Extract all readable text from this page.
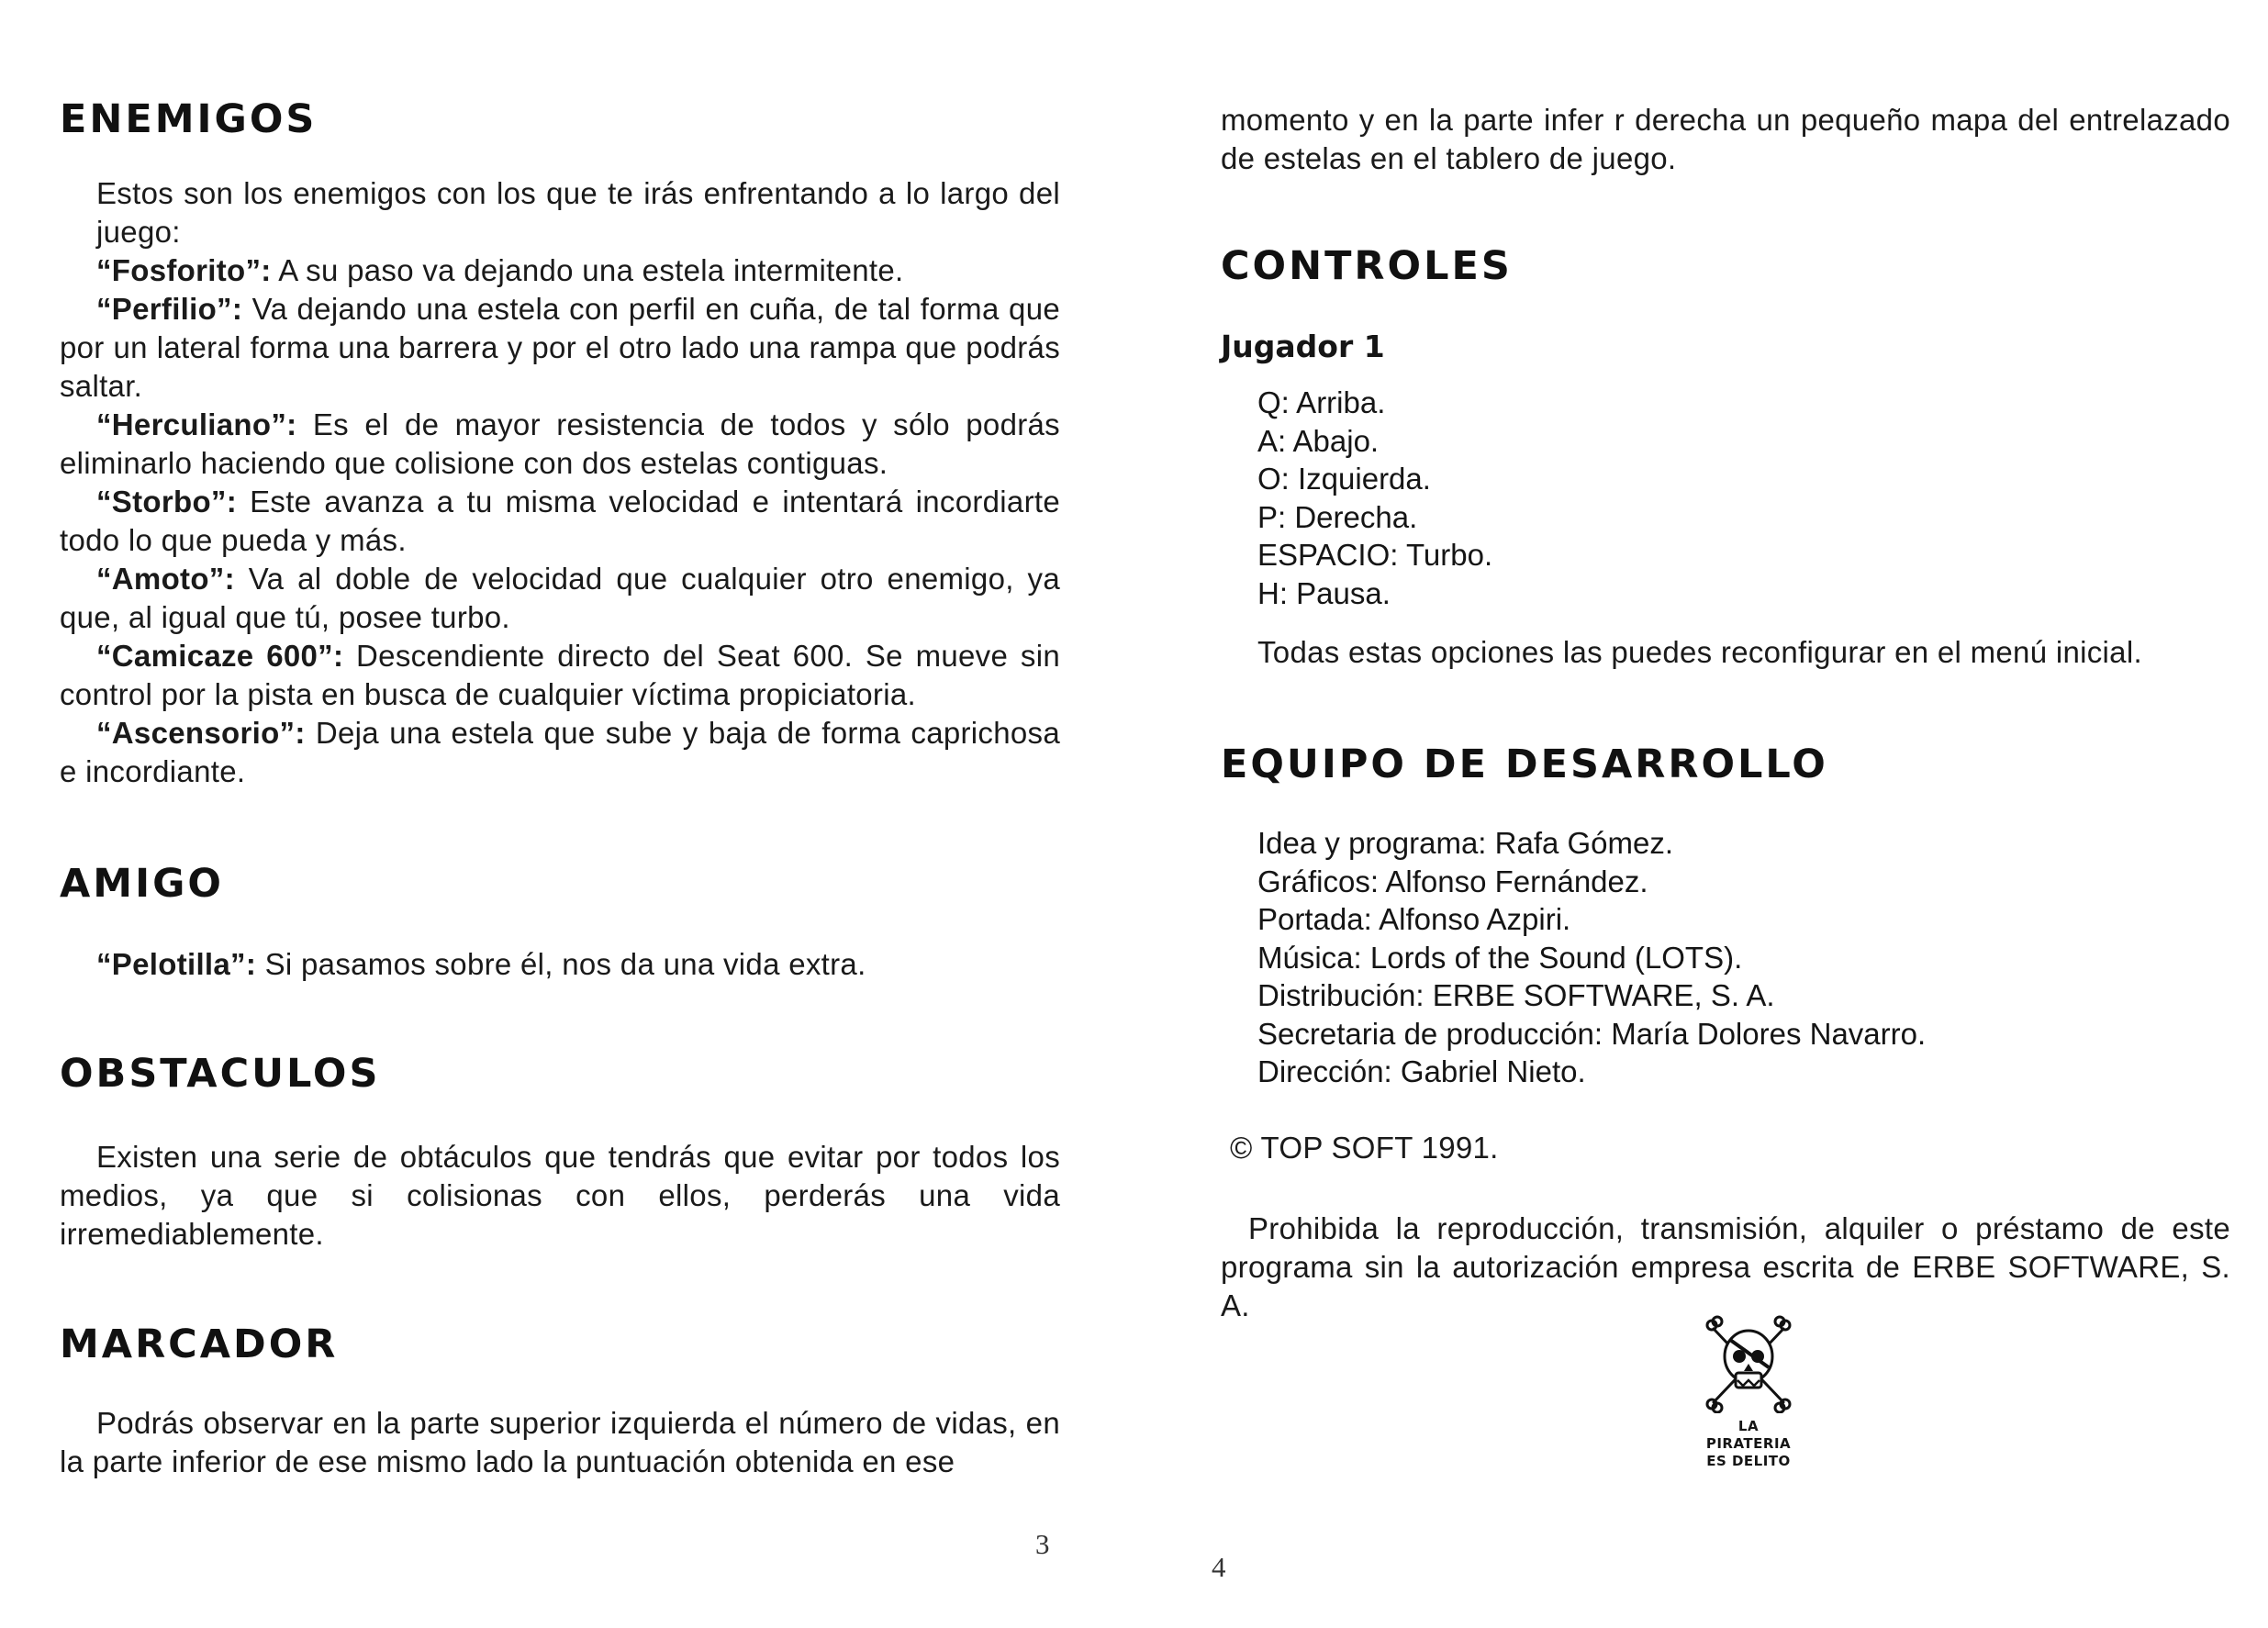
ENEMIGOS
Estos son los enemigos con los que te irás enfrentando a lo largo del juego:
“Fosforito”: A su paso va dejando una estela intermitente.
“Perfilio”: Va dejando una estela con perfil en cuña, de tal forma que por un lateral forma una barrera y por el otro lado una rampa que podrás saltar.
“Herculiano”: Es el de mayor resistencia de todos y sólo podrás eliminarlo haciendo que colisione con dos estelas contiguas.
“Storbo”: Este avanza a tu misma velocidad e intentará incordiarte todo lo que pueda y más.
“Amoto”: Va al doble de velocidad que cualquier otro enemigo, ya que, al igual que tú, posee turbo.
“Camicaze 600”: Descendiente directo del Seat 600. Se mueve sin control por la pista en busca de cualquier víctima propiciatoria.
“Ascensorio”: Deja una estela que sube y baja de forma caprichosa e incordiante.
AMIGO
“Pelotilla”: Si pasamos sobre él, nos da una vida extra.
OBSTACULOS
Existen una serie de obtáculos que tendrás que evitar por todos los medios, ya que si colisionas con ellos, perderás una vida irremediablemente.
MARCADOR
Podrás observar en la parte superior izquierda el número de vidas, en la parte inferior de ese mismo lado la puntuación obtenida en ese
3
momento y en la parte infer r derecha un pequeño mapa del entrelazado de estelas en el tablero de juego.
CONTROLES
Jugador 1
Q: Arriba.
A: Abajo.
O: Izquierda.
P: Derecha.
ESPACIO: Turbo.
H: Pausa.
Todas estas opciones las puedes reconfigurar en el menú inicial.
EQUIPO DE DESARROLLO
Idea y programa: Rafa Gómez.
Gráficos: Alfonso Fernández.
Portada: Alfonso Azpiri.
Música: Lords of the Sound (LOTS).
Distribución: ERBE SOFTWARE, S. A.
Secretaria de producción: María Dolores Navarro.
Dirección: Gabriel Nieto.
© TOP SOFT 1991.
Prohibida la reproducción, transmisión, alquiler o préstamo de este programa sin la autorización empresa escrita de ERBE SOFTWARE, S. A.
LA
PIRATERIA
ES DELITO
4
